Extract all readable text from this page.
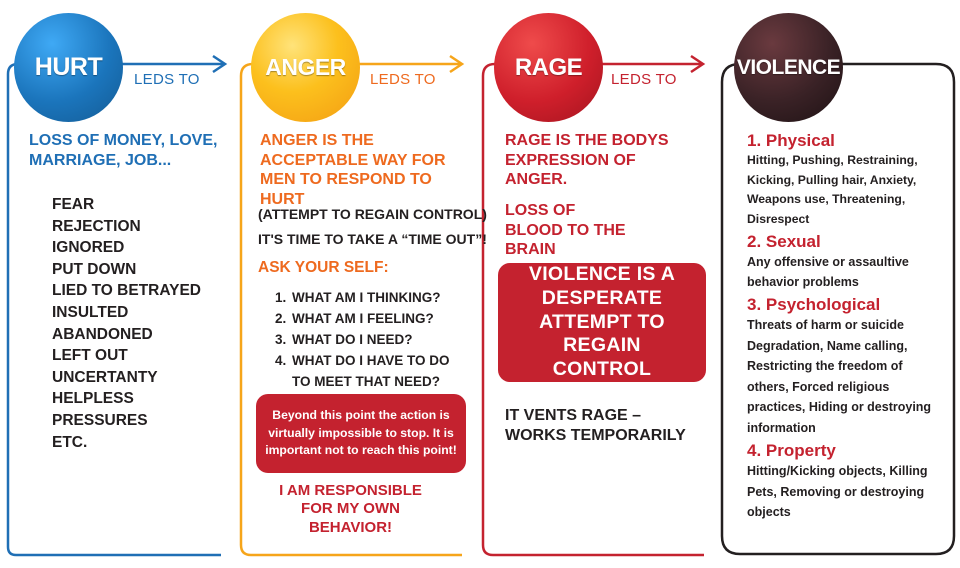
HURT	ANGER	RAGE	VIOLENCE
LEDS TO	LEDS TO	LEDS TO
LOSS OF MONEY, LOVE, MARRIAGE, JOB...
FEAR
REJECTION
IGNORED
PUT DOWN
LIED TO BETRAYED
INSULTED
ABANDONED
LEFT OUT
UNCERTANTY
HELPLESS
PRESSURES
ETC.
ANGER IS THE ACCEPTABLE WAY FOR MEN TO RESPOND TO HURT
(ATTEMPT TO REGAIN CONTROL)
IT'S TIME TO TAKE A “TIME OUT”!
ASK YOUR SELF:
1. WHAT AM I THINKING?
2. WHAT AM I FEELING?
3. WHAT DO I NEED?
4. WHAT DO I HAVE TO DO TO MEET THAT NEED?
Beyond this point the action is virtually impossible to stop. It is important not to reach this point!
I AM RESPONSIBLE FOR MY OWN BEHAVIOR!
RAGE IS THE BODYS EXPRESSION OF ANGER.
LOSS OF BLOOD TO THE BRAIN
VIOLENCE IS A DESPERATE ATTEMPT TO REGAIN CONTROL
IT VENTS RAGE – WORKS TEMPORARILY
1. Physical
Hitting, Pushing, Restraining, Kicking, Pulling hair, Anxiety, Weapons use, Threatening, Disrespect
2. Sexual
Any offensive or assaultive behavior problems
3. Psychological
Threats of harm or suicide Degradation, Name calling, Restricting the freedom of others, Forced religious practices, Hiding or destroying information
4. Property
Hitting/Kicking objects, Killing Pets, Removing or destroying objects
